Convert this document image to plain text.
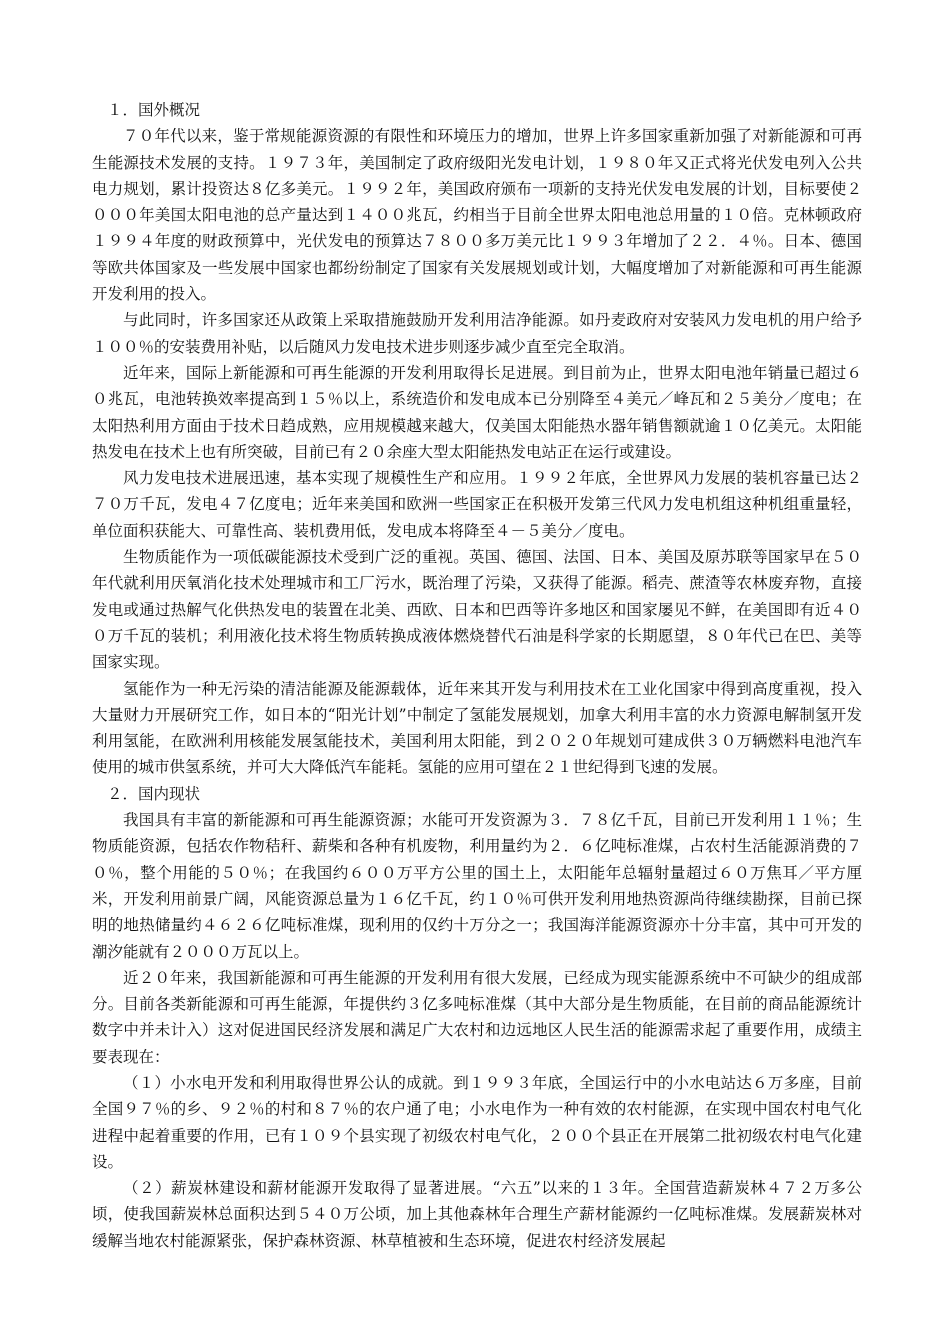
１．国外概况

７０年代以来，鉴于常规能源资源的有限性和环境压力的增加，世界上许多国家重新加强了对新能源和可再生能源技术发展的支持。１９７３年，美国制定了政府级阳光发电计划，１９８０年又正式将光伏发电列入公共电力规划，累计投资达８亿多美元。１９９２年，美国政府颁布一项新的支持光伏发电发展的计划，目标要使２０００年美国太阳电池的总产量达到１４００兆瓦，约相当于目前全世界太阳电池总用量的１０倍。克林顿政府１９９４年度的财政预算中，光伏发电的预算达７８００多万美元比１９９３年增加了２２．４％。日本、德国等欧共体国家及一些发展中国家也都纷纷制定了国家有关发展规划或计划，大幅度增加了对新能源和可再生能源开发利用的投入。

与此同时，许多国家还从政策上采取措施鼓励开发利用洁净能源。如丹麦政府对安装风力发电机的用户给予１００％的安装费用补贴，以后随风力发电技术进步则逐步减少直至完全取消。

近年来，国际上新能源和可再生能源的开发利用取得长足进展。到目前为止，世界太阳电池年销量已超过６０兆瓦，电池转换效率提高到１５％以上，系统造价和发电成本已分别降至４美元／峰瓦和２５美分／度电；在太阳热利用方面由于技术日趋成熟，应用规模越来越大，仅美国太阳能热水器年销售额就逾１０亿美元。太阳能热发电在技术上也有所突破，目前已有２０余座大型太阳能热发电站正在运行或建设。

风力发电技术进展迅速，基本实现了规模性生产和应用。１９９２年底，全世界风力发展的装机容量已达２７０万千瓦，发电４７亿度电；近年来美国和欧洲一些国家正在积极开发第三代风力发电机组这种机组重量轻，单位面积获能大、可靠性高、装机费用低，发电成本将降至４－５美分／度电。

生物质能作为一项低碳能源技术受到广泛的重视。英国、德国、法国、日本、美国及原苏联等国家早在５０年代就利用厌氧消化技术处理城市和工厂污水，既治理了污染，又获得了能源。稻壳、蔗渣等农林废弃物，直接发电或通过热解气化供热发电的装置在北美、西欧、日本和巴西等许多地区和国家屡见不鲜，在美国即有近４００万千瓦的装机；利用液化技术将生物质转换成液体燃烧替代石油是科学家的长期愿望，８０年代已在巴、美等国家实现。

氢能作为一种无污染的清洁能源及能源载体，近年来其开发与利用技术在工业化国家中得到高度重视，投入大量财力开展研究工作，如日本的“阳光计划”中制定了氢能发展规划，加拿大利用丰富的水力资源电解制氢开发利用氢能，在欧洲利用核能发展氢能技术，美国利用太阳能，到２０２０年规划可建成供３０万辆燃料电池汽车使用的城市供氢系统，并可大大降低汽车能耗。氢能的应用可望在２１世纪得到飞速的发展。

２．国内现状

我国具有丰富的新能源和可再生能源资源；水能可开发资源为３．７８亿千瓦，目前已开发利用１１％；生物质能资源，包括农作物秸秆、薪柴和各种有机废物，利用量约为２．６亿吨标准煤，占农村生活能源消费的７０％，整个用能的５０％；在我国约６００万平方公里的国土上，太阳能年总辐射量超过６０万焦耳／平方厘米，开发利用前景广阔，风能资源总量为１６亿千瓦，约１０％可供开发利用地热资源尚待继续勘探，目前已探明的地热储量约４６２６亿吨标准煤，现利用的仅约十万分之一；我国海洋能源资源亦十分丰富，其中可开发的潮汐能就有２０００万瓦以上。

近２０年来，我国新能源和可再生能源的开发利用有很大发展，已经成为现实能源系统中不可缺少的组成部分。目前各类新能源和可再生能源，年提供约３亿多吨标准煤（其中大部分是生物质能，在目前的商品能源统计数字中并未计入）这对促进国民经济发展和满足广大农村和边远地区人民生活的能源需求起了重要作用，成绩主要表现在：

（１）小水电开发和利用取得世界公认的成就。到１９９３年底，全国运行中的小水电站达６万多座，目前全国９７％的乡、９２％的村和８７％的农户通了电；小水电作为一种有效的农村能源，在实现中国农村电气化进程中起着重要的作用，已有１０９个县实现了初级农村电气化，２００个县正在开展第二批初级农村电气化建设。

（２）薪炭林建设和薪材能源开发取得了显著进展。“六五”以来的１３年。全国营造薪炭林４７２万多公顷，使我国薪炭林总面积达到５４０万公顷，加上其他森林年合理生产薪材能源约一亿吨标准煤。发展薪炭林对缓解当地农村能源紧张，保护森林资源、林草植被和生态环境，促进农村经济发展起
